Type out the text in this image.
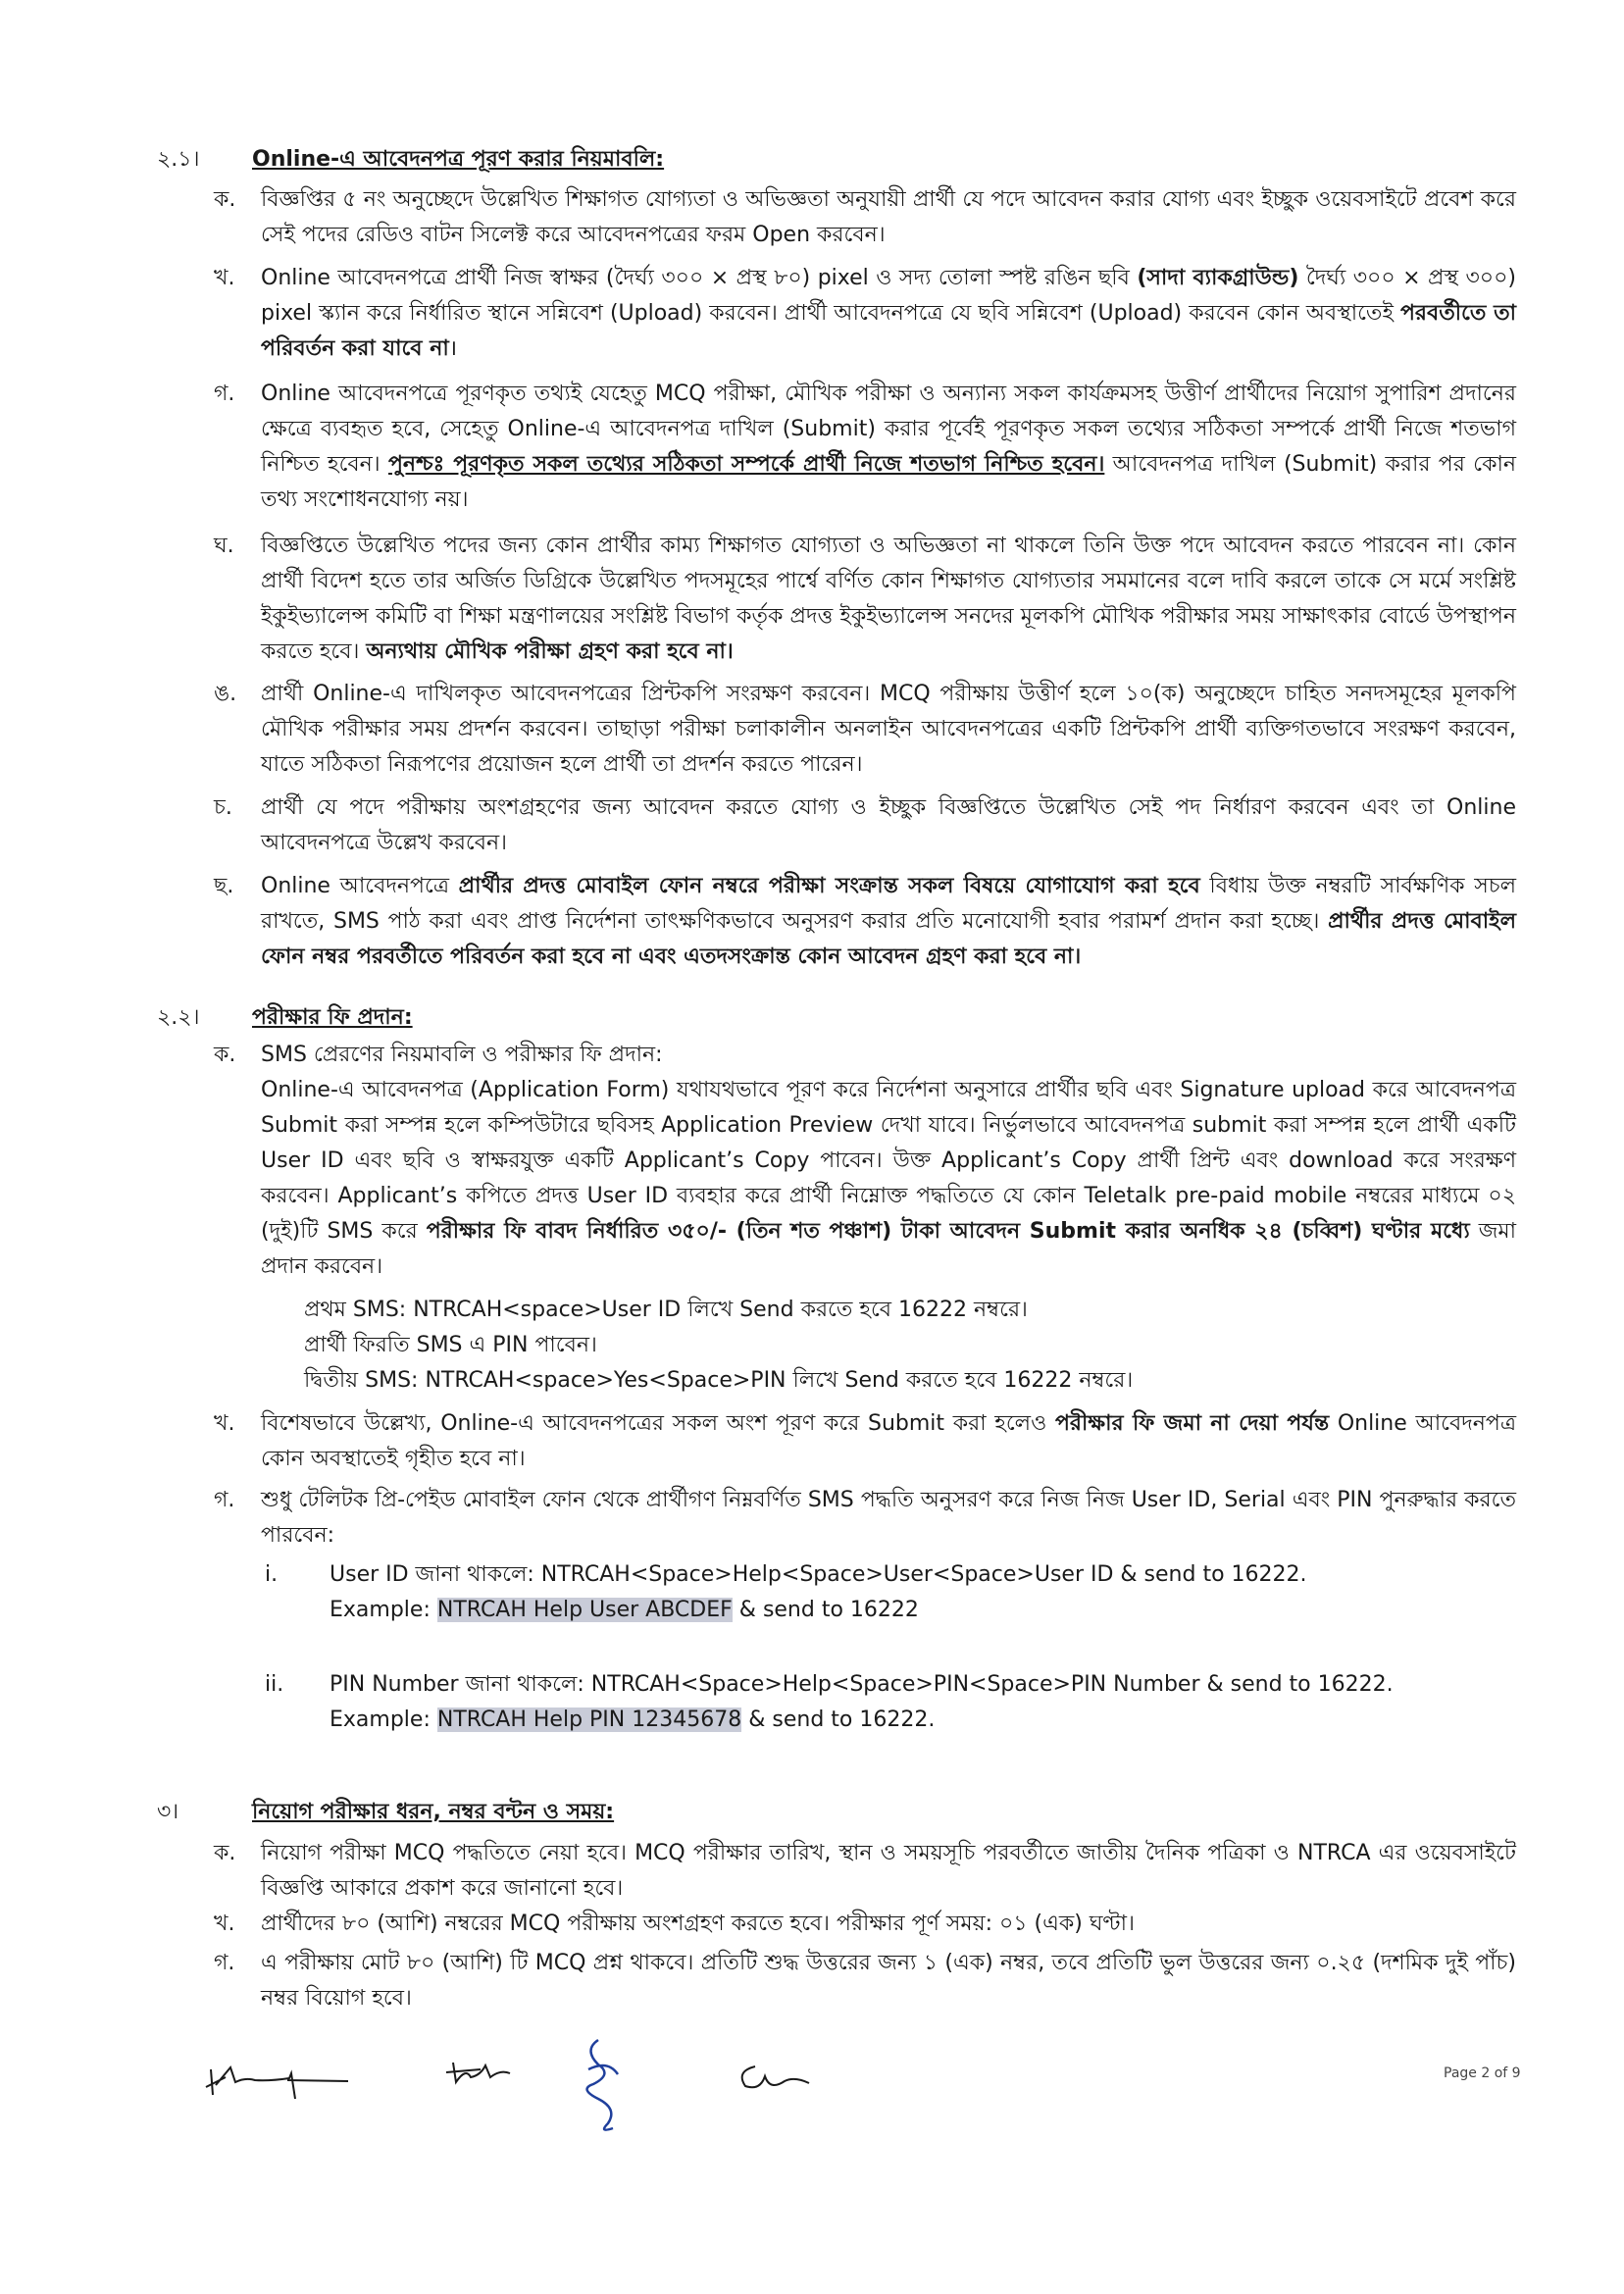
২.১।	Online-এ আবেদনপত্র পূরণ করার নিয়মাবলি:
ক.	বিজ্ঞপ্তির ৫ নং অনুচ্ছেদে উল্লেখিত শিক্ষাগত যোগ্যতা ও অভিজ্ঞতা অনুযায়ী প্রার্থী যে পদে আবেদন করার যোগ্য এবং ইচ্ছুক ওয়েবসাইটে প্রবেশ করে সেই পদের রেডিও বাটন সিলেক্ট করে আবেদনপত্রের ফরম Open করবেন।
খ.	Online আবেদনপত্রে প্রার্থী নিজ স্বাক্ষর (দৈর্ঘ্য ৩০০ × প্রস্থ ৮০) pixel ও সদ্য তোলা স্পষ্ট রঙিন ছবি (সাদা ব্যাকগ্রাউন্ড) দৈর্ঘ্য ৩০০ × প্রস্থ ৩০০) pixel স্ক্যান করে নির্ধারিত স্থানে সন্নিবেশ (Upload) করবেন। প্রার্থী আবেদনপত্রে যে ছবি সন্নিবেশ (Upload) করবেন কোন অবস্থাতেই পরবর্তীতে তা পরিবর্তন করা যাবে না।
গ.	Online আবেদনপত্রে পূরণকৃত তথ্যই যেহেতু MCQ পরীক্ষা, মৌখিক পরীক্ষা ও অন্যান্য সকল কার্যক্রমসহ উত্তীর্ণ প্রার্থীদের নিয়োগ সুপারিশ প্রদানের ক্ষেত্রে ব্যবহৃত হবে, সেহেতু Online-এ আবেদনপত্র দাখিল (Submit) করার পূর্বেই পূরণকৃত সকল তথ্যের সঠিকতা সম্পর্কে প্রার্থী নিজে শতভাগ নিশ্চিত হবেন। পুনশ্চঃ পূরণকৃত সকল তথ্যের সঠিকতা সম্পর্কে প্রার্থী নিজে শতভাগ নিশ্চিত হবেন। আবেদনপত্র দাখিল (Submit) করার পর কোন তথ্য সংশোধনযোগ্য নয়।
ঘ.	বিজ্ঞপ্তিতে উল্লেখিত পদের জন্য কোন প্রার্থীর কাম্য শিক্ষাগত যোগ্যতা ও অভিজ্ঞতা না থাকলে তিনি উক্ত পদে আবেদন করতে পারবেন না। কোন প্রার্থী বিদেশ হতে তার অর্জিত ডিগ্রিকে উল্লেখিত পদসমূহের পার্শ্বে বর্ণিত কোন শিক্ষাগত যোগ্যতার সমমানের বলে দাবি করলে তাকে সে মর্মে সংশ্লিষ্ট ইকুইভ্যালেন্স কমিটি বা শিক্ষা মন্ত্রণালয়ের সংশ্লিষ্ট বিভাগ কর্তৃক প্রদত্ত ইকুইভ্যালেন্স সনদের মূলকপি মৌখিক পরীক্ষার সময় সাক্ষাৎকার বোর্ডে উপস্থাপন করতে হবে। অন্যথায় মৌখিক পরীক্ষা গ্রহণ করা হবে না।
ঙ.	প্রার্থী Online-এ দাখিলকৃত আবেদনপত্রের প্রিন্টকপি সংরক্ষণ করবেন। MCQ পরীক্ষায় উত্তীর্ণ হলে ১০(ক) অনুচ্ছেদে চাহিত সনদসমূহের মূলকপি মৌখিক পরীক্ষার সময় প্রদর্শন করবেন। তাছাড়া পরীক্ষা চলাকালীন অনলাইন আবেদনপত্রের একটি প্রিন্টকপি প্রার্থী ব্যক্তিগতভাবে সংরক্ষণ করবেন, যাতে সঠিকতা নিরূপণের প্রয়োজন হলে প্রার্থী তা প্রদর্শন করতে পারেন।
চ.	প্রার্থী যে পদে পরীক্ষায় অংশগ্রহণের জন্য আবেদন করতে যোগ্য ও ইচ্ছুক বিজ্ঞপ্তিতে উল্লেখিত সেই পদ নির্ধারণ করবেন এবং তা Online আবেদনপত্রে উল্লেখ করবেন।
ছ.	Online আবেদনপত্রে প্রার্থীর প্রদত্ত মোবাইল ফোন নম্বরে পরীক্ষা সংক্রান্ত সকল বিষয়ে যোগাযোগ করা হবে বিধায় উক্ত নম্বরটি সার্বক্ষণিক সচল রাখতে, SMS পাঠ করা এবং প্রাপ্ত নির্দেশনা তাৎক্ষণিকভাবে অনুসরণ করার প্রতি মনোযোগী হবার পরামর্শ প্রদান করা হচ্ছে। প্রার্থীর প্রদত্ত মোবাইল ফোন নম্বর পরবর্তীতে পরিবর্তন করা হবে না এবং এতদসংক্রান্ত কোন আবেদন গ্রহণ করা হবে না।
২.২।	পরীক্ষার ফি প্রদান:
ক.	SMS প্রেরণের নিয়মাবলি ও পরীক্ষার ফি প্রদান:
Online-এ আবেদনপত্র (Application Form) যথাযথভাবে পূরণ করে নির্দেশনা অনুসারে প্রার্থীর ছবি এবং Signature upload করে আবেদনপত্র Submit করা সম্পন্ন হলে কম্পিউটারে ছবিসহ Application Preview দেখা যাবে। নির্ভুলভাবে আবেদনপত্র submit করা সম্পন্ন হলে প্রার্থী একটি User ID এবং ছবি ও স্বাক্ষরযুক্ত একটি Applicant’s Copy পাবেন। উক্ত Applicant’s Copy প্রার্থী প্রিন্ট এবং download করে সংরক্ষণ করবেন। Applicant’s কপিতে প্রদত্ত User ID ব্যবহার করে প্রার্থী নিম্নোক্ত পদ্ধতিতে যে কোন Teletalk pre-paid mobile নম্বরের মাধ্যমে ০২ (দুই)টি SMS করে পরীক্ষার ফি বাবদ নির্ধারিত ৩৫০/- (তিন শত পঞ্চাশ) টাকা আবেদন Submit করার অনধিক ২৪ (চব্বিশ) ঘণ্টার মধ্যে জমা প্রদান করবেন।
প্রথম SMS: NTRCAH<space>User ID লিখে Send করতে হবে 16222 নম্বরে।
প্রার্থী ফিরতি SMS এ PIN পাবেন।
দ্বিতীয় SMS: NTRCAH<space>Yes<Space>PIN লিখে Send করতে হবে 16222 নম্বরে।
খ.	বিশেষভাবে উল্লেখ্য, Online-এ আবেদনপত্রের সকল অংশ পূরণ করে Submit করা হলেও পরীক্ষার ফি জমা না দেয়া পর্যন্ত Online আবেদনপত্র কোন অবস্থাতেই গৃহীত হবে না।
গ.	শুধু টেলিটক প্রি-পেইড মোবাইল ফোন থেকে প্রার্থীগণ নিম্নবর্ণিত SMS পদ্ধতি অনুসরণ করে নিজ নিজ User ID, Serial এবং PIN পুনরুদ্ধার করতে পারবেন:
i.	User ID জানা থাকলে: NTRCAH<Space>Help<Space>User<Space>User ID & send to 16222.
Example: NTRCAH Help User ABCDEF & send to 16222
ii.	PIN Number জানা থাকলে: NTRCAH<Space>Help<Space>PIN<Space>PIN Number & send to 16222.
Example: NTRCAH Help PIN 12345678 & send to 16222.
৩।	নিয়োগ পরীক্ষার ধরন, নম্বর বন্টন ও সময়:
ক.	নিয়োগ পরীক্ষা MCQ পদ্ধতিতে নেয়া হবে। MCQ পরীক্ষার তারিখ, স্থান ও সময়সূচি পরবর্তীতে জাতীয় দৈনিক পত্রিকা ও NTRCA এর ওয়েবসাইটে বিজ্ঞপ্তি আকারে প্রকাশ করে জানানো হবে।
খ.	প্রার্থীদের ৮০ (আশি) নম্বরের MCQ পরীক্ষায় অংশগ্রহণ করতে হবে। পরীক্ষার পূর্ণ সময়: ০১ (এক) ঘণ্টা।
গ.	এ পরীক্ষায় মোট ৮০ (আশি) টি MCQ প্রশ্ন থাকবে। প্রতিটি শুদ্ধ উত্তরের জন্য ১ (এক) নম্বর, তবে প্রতিটি ভুল উত্তরের জন্য ০.২৫ (দশমিক দুই পাঁচ) নম্বর বিয়োগ হবে।
Page 2 of 9
